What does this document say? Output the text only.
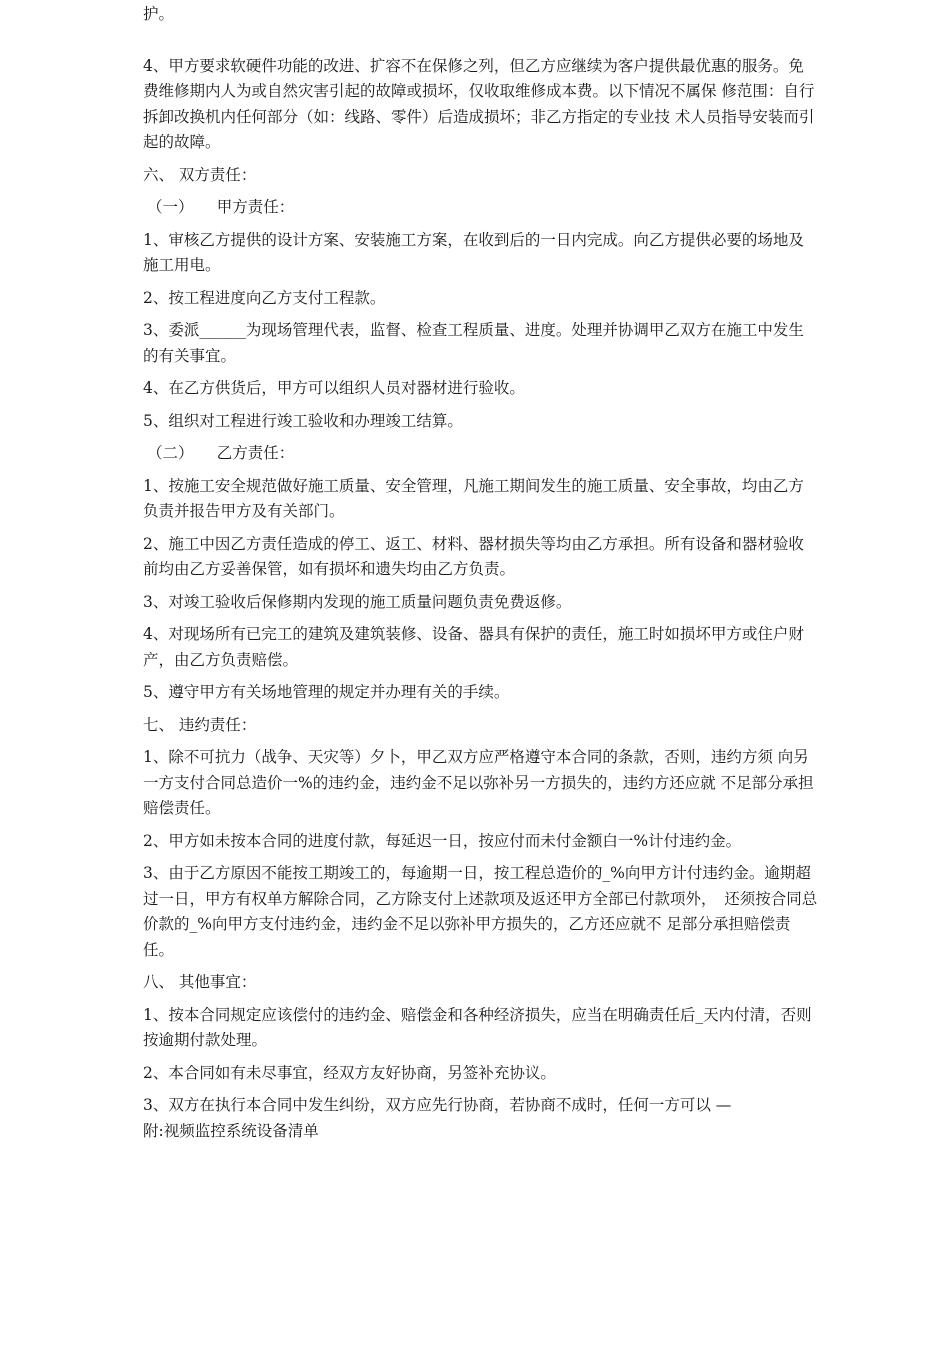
护。

4、甲方要求软硬件功能的改进、扩容不在保修之列，但乙方应继续为客户提供最优惠的服务。免费维修期内人为或自然灾害引起的故障或损坏，仅收取维修成本费。以下情况不属保 修范围：自行拆卸改换机内任何部分（如：线路、零件）后造成损坏；非乙方指定的专业技 术人员指导安装而引起的故障。

六、 双方责任：

（一）　　甲方责任：

1、审核乙方提供的设计方案、安装施工方案，在收到后的一日内完成。向乙方提供必要的场地及施工用电。

2、按工程进度向乙方支付工程款。

3、委派______为现场管理代表，监督、检查工程质量、进度。处理并协调甲乙双方在施工中发生的有关事宜。

4、在乙方供货后，甲方可以组织人员对器材进行验收。

5、组织对工程进行竣工验收和办理竣工结算。

（二）　　乙方责任：

1、按施工安全规范做好施工质量、安全管理，凡施工期间发生的施工质量、安全事故，均由乙方负责并报告甲方及有关部门。

2、施工中因乙方责任造成的停工、返工、材料、器材损失等均由乙方承担。所有设备和器材验收前均由乙方妥善保管，如有损坏和遗失均由乙方负责。

3、对竣工验收后保修期内发现的施工质量问题负责免费返修。

4、对现场所有已完工的建筑及建筑装修、设备、器具有保护的责任，施工时如损坏甲方或住户财产，由乙方负责赔偿。

5、遵守甲方有关场地管理的规定并办理有关的手续。

七、 违约责任：

1、除不可抗力（战争、天灾等）夕卜，甲乙双方应严格遵守本合同的条款，否则，违约方须 向另一方支付合同总造价一%的违约金，违约金不足以弥补另一方损失的，违约方还应就 不足部分承担赔偿责任。

2、甲方如未按本合同的进度付款，每延迟一日，按应付而未付金额白一%计付违约金。

3、由于乙方原因不能按工期竣工的，每逾期一日，按工程总造价的_%向甲方计付违约金。逾期超过一日，甲方有权单方解除合同，乙方除支付上述款项及返还甲方全部已付款项外，　还须按合同总价款的_%向甲方支付违约金，违约金不足以弥补甲方损失的，乙方还应就不 足部分承担赔偿责任。

八、 其他事宜：

1、按本合同规定应该偿付的违约金、赔偿金和各种经济损失，应当在明确责任后_天内付清，否则按逾期付款处理。

2、本合同如有未尽事宜，经双方友好协商，另签补充协议。

3、双方在执行本合同中发生纠纷，双方应先行协商，若协商不成时，任何一方可以 —

附:视频监控系统设备清单
